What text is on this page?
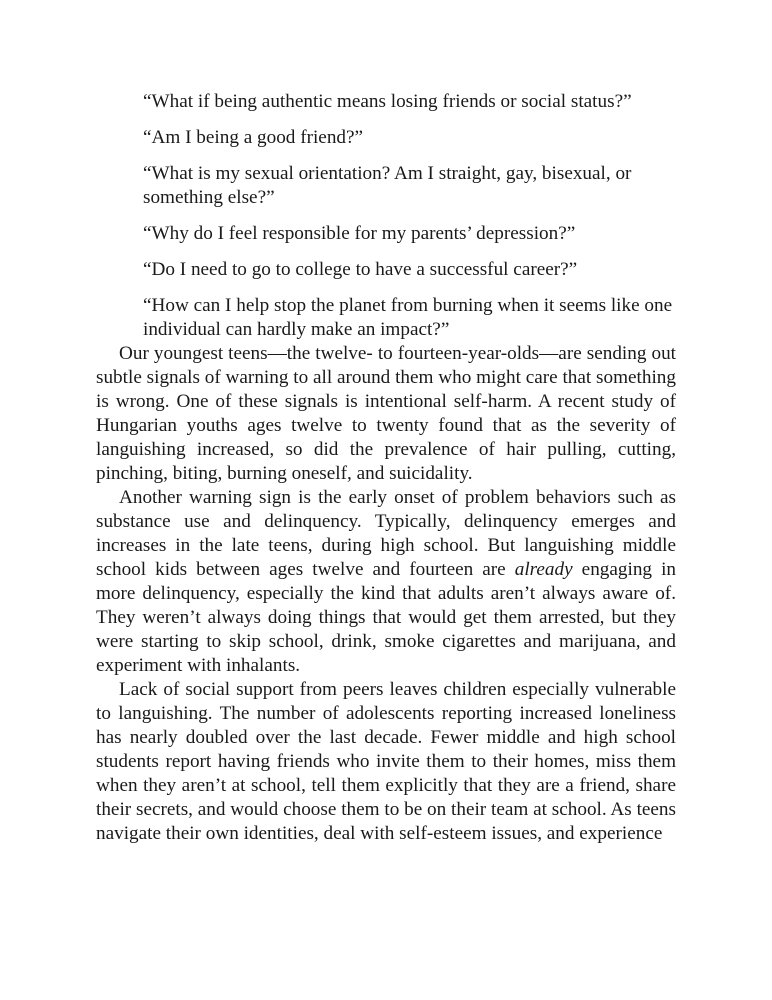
“What if being authentic means losing friends or social status?”

“Am I being a good friend?”

“What is my sexual orientation? Am I straight, gay, bisexual, or something else?”

“Why do I feel responsible for my parents’ depression?”

“Do I need to go to college to have a successful career?”

“How can I help stop the planet from burning when it seems like one individual can hardly make an impact?”

Our youngest teens—the twelve- to fourteen-year-olds—are sending out subtle signals of warning to all around them who might care that something is wrong. One of these signals is intentional self-harm. A recent study of Hungarian youths ages twelve to twenty found that as the severity of languishing increased, so did the prevalence of hair pulling, cutting, pinching, biting, burning oneself, and suicidality.

Another warning sign is the early onset of problem behaviors such as substance use and delinquency. Typically, delinquency emerges and increases in the late teens, during high school. But languishing middle school kids between ages twelve and fourteen are already engaging in more delinquency, especially the kind that adults aren’t always aware of. They weren’t always doing things that would get them arrested, but they were starting to skip school, drink, smoke cigarettes and marijuana, and experiment with inhalants.

Lack of social support from peers leaves children especially vulnerable to languishing. The number of adolescents reporting increased loneliness has nearly doubled over the last decade. Fewer middle and high school students report having friends who invite them to their homes, miss them when they aren’t at school, tell them explicitly that they are a friend, share their secrets, and would choose them to be on their team at school. As teens navigate their own identities, deal with self-esteem issues, and experience
